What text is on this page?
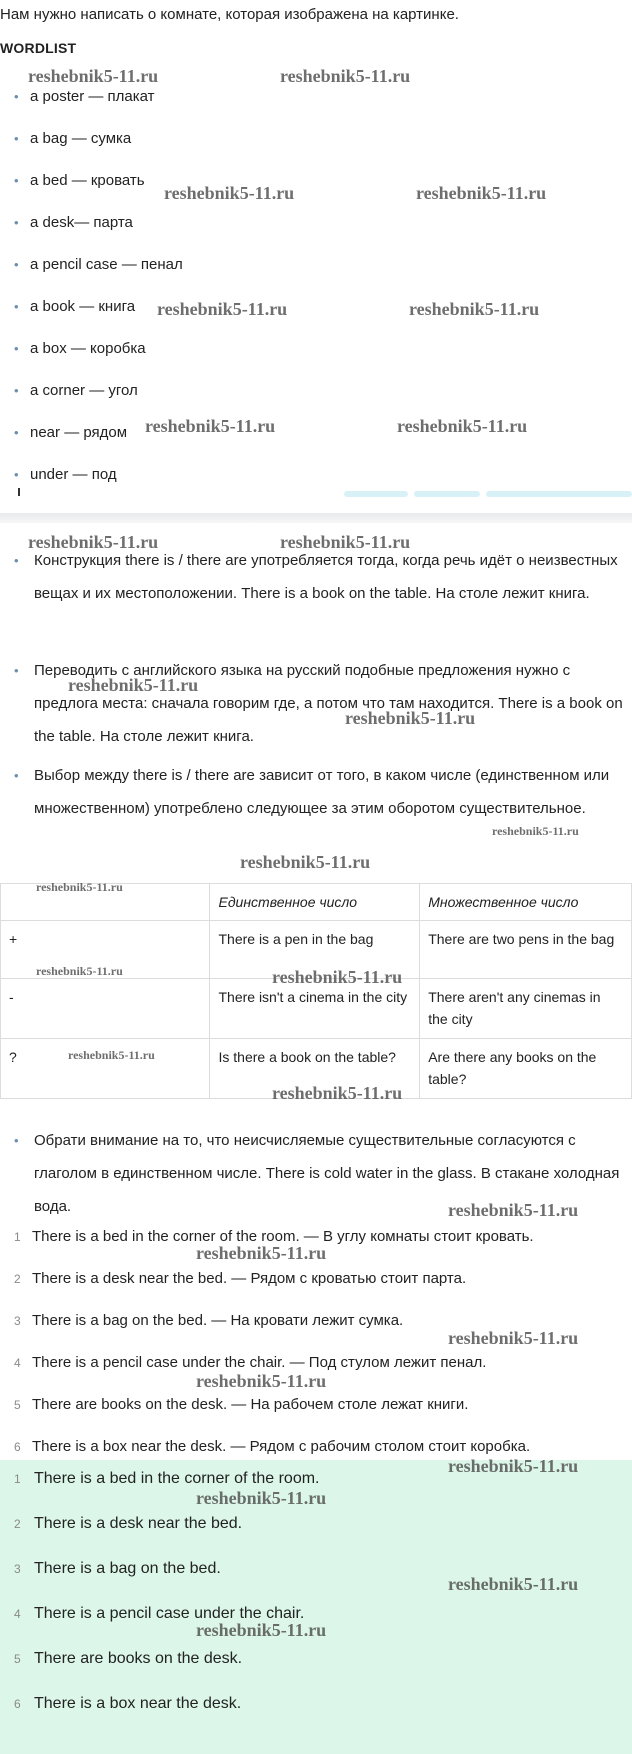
Нам нужно написать о комнате, которая изображена на картинке.
WORDLIST
• a poster — плакат
• a bag — сумка
• a bed — кровать
• a desk— парта
• a pencil case — пенал
• a book — книга
• a box — коробка
• a corner — угол
• near — рядом
• under — под
• Конструкция there is / there are употребляется тогда, когда речь идёт о неизвестных вещах и их местоположении. There is a book on the table. На столе лежит книга.
• Переводить с английского языка на русский подобные предложения нужно с предлога места: сначала говорим где, а потом что там находится. There is a book on the table. На столе лежит книга.
• Выбор между there is / there are зависит от того, в каком числе (единственном или множественном) употреблено следующее за этим оборотом существительное.
	Единственное число	Множественное число
+	There is a pen in the bag	There are two pens in the bag
-	There isn't a cinema in the city	There aren't any cinemas in the city
?	Is there a book on the table?	Are there any books on the table?
• Обрати внимание на то, что неисчисляемые существительные согласуются с глаголом в единственном числе. There is cold water in the glass. В стакане холодная вода.
1 There is a bed in the corner of the room. — В углу комнаты стоит кровать.
2 There is a desk near the bed. — Рядом с кроватью стоит парта.
3 There is a bag on the bed. — На кровати лежит сумка.
4 There is a pencil case under the chair. — Под стулом лежит пенал.
5 There are books on the desk. — На рабочем столе лежат книги.
6 There is a box near the desk. — Рядом с рабочим столом стоит коробка.
1 There is a bed in the corner of the room.
2 There is a desk near the bed.
3 There is a bag on the bed.
4 There is a pencil case under the chair.
5 There are books on the desk.
6 There is a box near the desk.
reshebnik5-11.ru	reshebnik5-11.ru
reshebnik5-11.ru	reshebnik5-11.ru
reshebnik5-11.ru	reshebnik5-11.ru
reshebnik5-11.ru	reshebnik5-11.ru
reshebnik5-11.ru	reshebnik5-11.ru
reshebnik5-11.ru
reshebnik5-11.ru
reshebnik5-11.ru
reshebnik5-11.ru
reshebnik5-11.ru
reshebnik5-11.ru	reshebnik5-11.ru
reshebnik5-11.ru
reshebnik5-11.ru
reshebnik5-11.ru
reshebnik5-11.ru
reshebnik5-11.ru
reshebnik5-11.ru
reshebnik5-11.ru
reshebnik5-11.ru
reshebnik5-11.ru
reshebnik5-11.ru
